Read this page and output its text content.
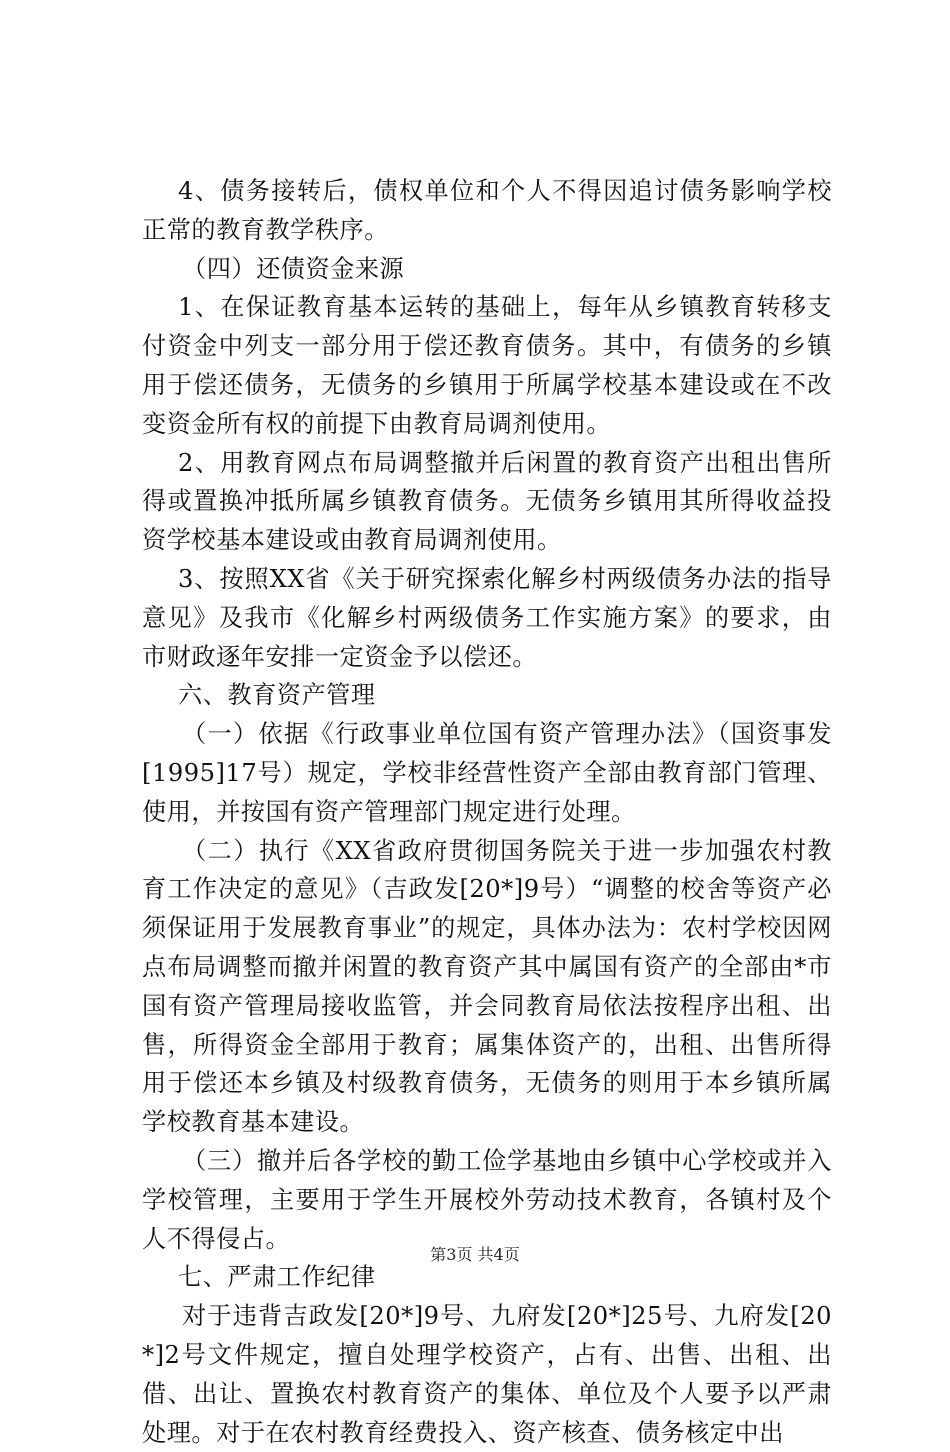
4、债务接转后，债权单位和个人不得因追讨债务影响学校正常的教育教学秩序。

（四）还债资金来源

1、在保证教育基本运转的基础上，每年从乡镇教育转移支付资金中列支一部分用于偿还教育债务。其中，有债务的乡镇用于偿还债务，无债务的乡镇用于所属学校基本建设或在不改变资金所有权的前提下由教育局调剂使用。

2、用教育网点布局调整撤并后闲置的教育资产出租出售所得或置换冲抵所属乡镇教育债务。无债务乡镇用其所得收益投资学校基本建设或由教育局调剂使用。

3、按照XX省《关于研究探索化解乡村两级债务办法的指导意见》及我市《化解乡村两级债务工作实施方案》的要求，由市财政逐年安排一定资金予以偿还。

六、教育资产管理

（一）依据《行政事业单位国有资产管理办法》（国资事发[1995]17号）规定，学校非经营性资产全部由教育部门管理、使用，并按国有资产管理部门规定进行处理。

（二）执行《XX省政府贯彻国务院关于进一步加强农村教育工作决定的意见》（吉政发[20*]9号）“调整的校舍等资产必须保证用于发展教育事业”的规定，具体办法为：农村学校因网点布局调整而撤并闲置的教育资产其中属国有资产的全部由*市国有资产管理局接收监管，并会同教育局依法按程序出租、出售，所得资金全部用于教育；属集体资产的，出租、出售所得用于偿还本乡镇及村级教育债务，无债务的则用于本乡镇所属学校教育基本建设。

（三）撤并后各学校的勤工俭学基地由乡镇中心学校或并入学校管理，主要用于学生开展校外劳动技术教育，各镇村及个人不得侵占。

七、严肃工作纪律

对于违背吉政发[20*]9号、九府发[20*]25号、九府发[20*]2号文件规定，擅自处理学校资产，占有、出售、出租、出借、出让、置换农村教育资产的集体、单位及个人要予以严肃处理。对于在农村教育经费投入、资产核查、债务核定中出

第3页 共4页
